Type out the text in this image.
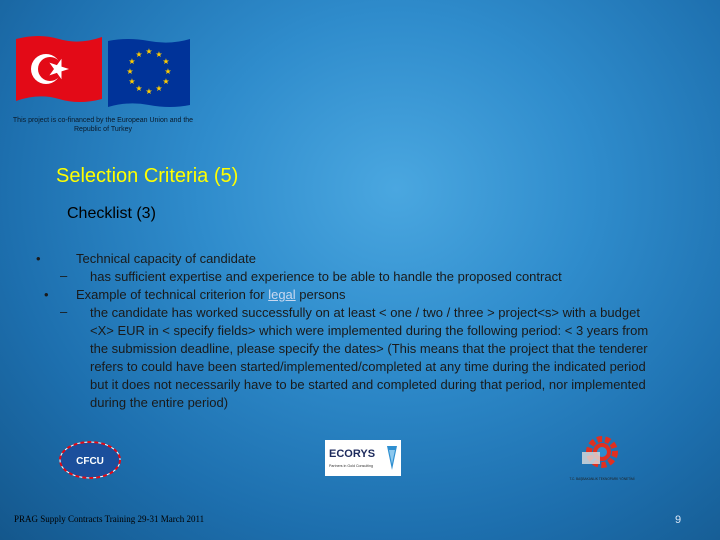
★ ★
★
★
★
★
★
★
★
★
★
★
This project is co-financed by the European Union and the Republic of Turkey
Selection Criteria (5)
Checklist (3)
•	Technical capacity of candidate
– has sufficient expertise and experience to be able to handle the proposed contract
• Example of technical criterion for legal persons
– the candidate has worked successfully on at least < one / two / three > project<s> with a budget <X> EUR in < specify fields> which were implemented during the following period: < 3 years from the submission deadline, please specify the dates> (This means that the project that the tenderer refers to could have been started/implemented/completed at any time during the indicated period but it does not necessarily have to be started and completed during that period, nor implemented during the entire period)
CFCU
ECORYS
Partners in Gold Consulting
T.C. BAŞBAKANLIK TEKNOPARK YÖNETİMİ
PRAG Supply Contracts Training 29-31 March 2011	9
